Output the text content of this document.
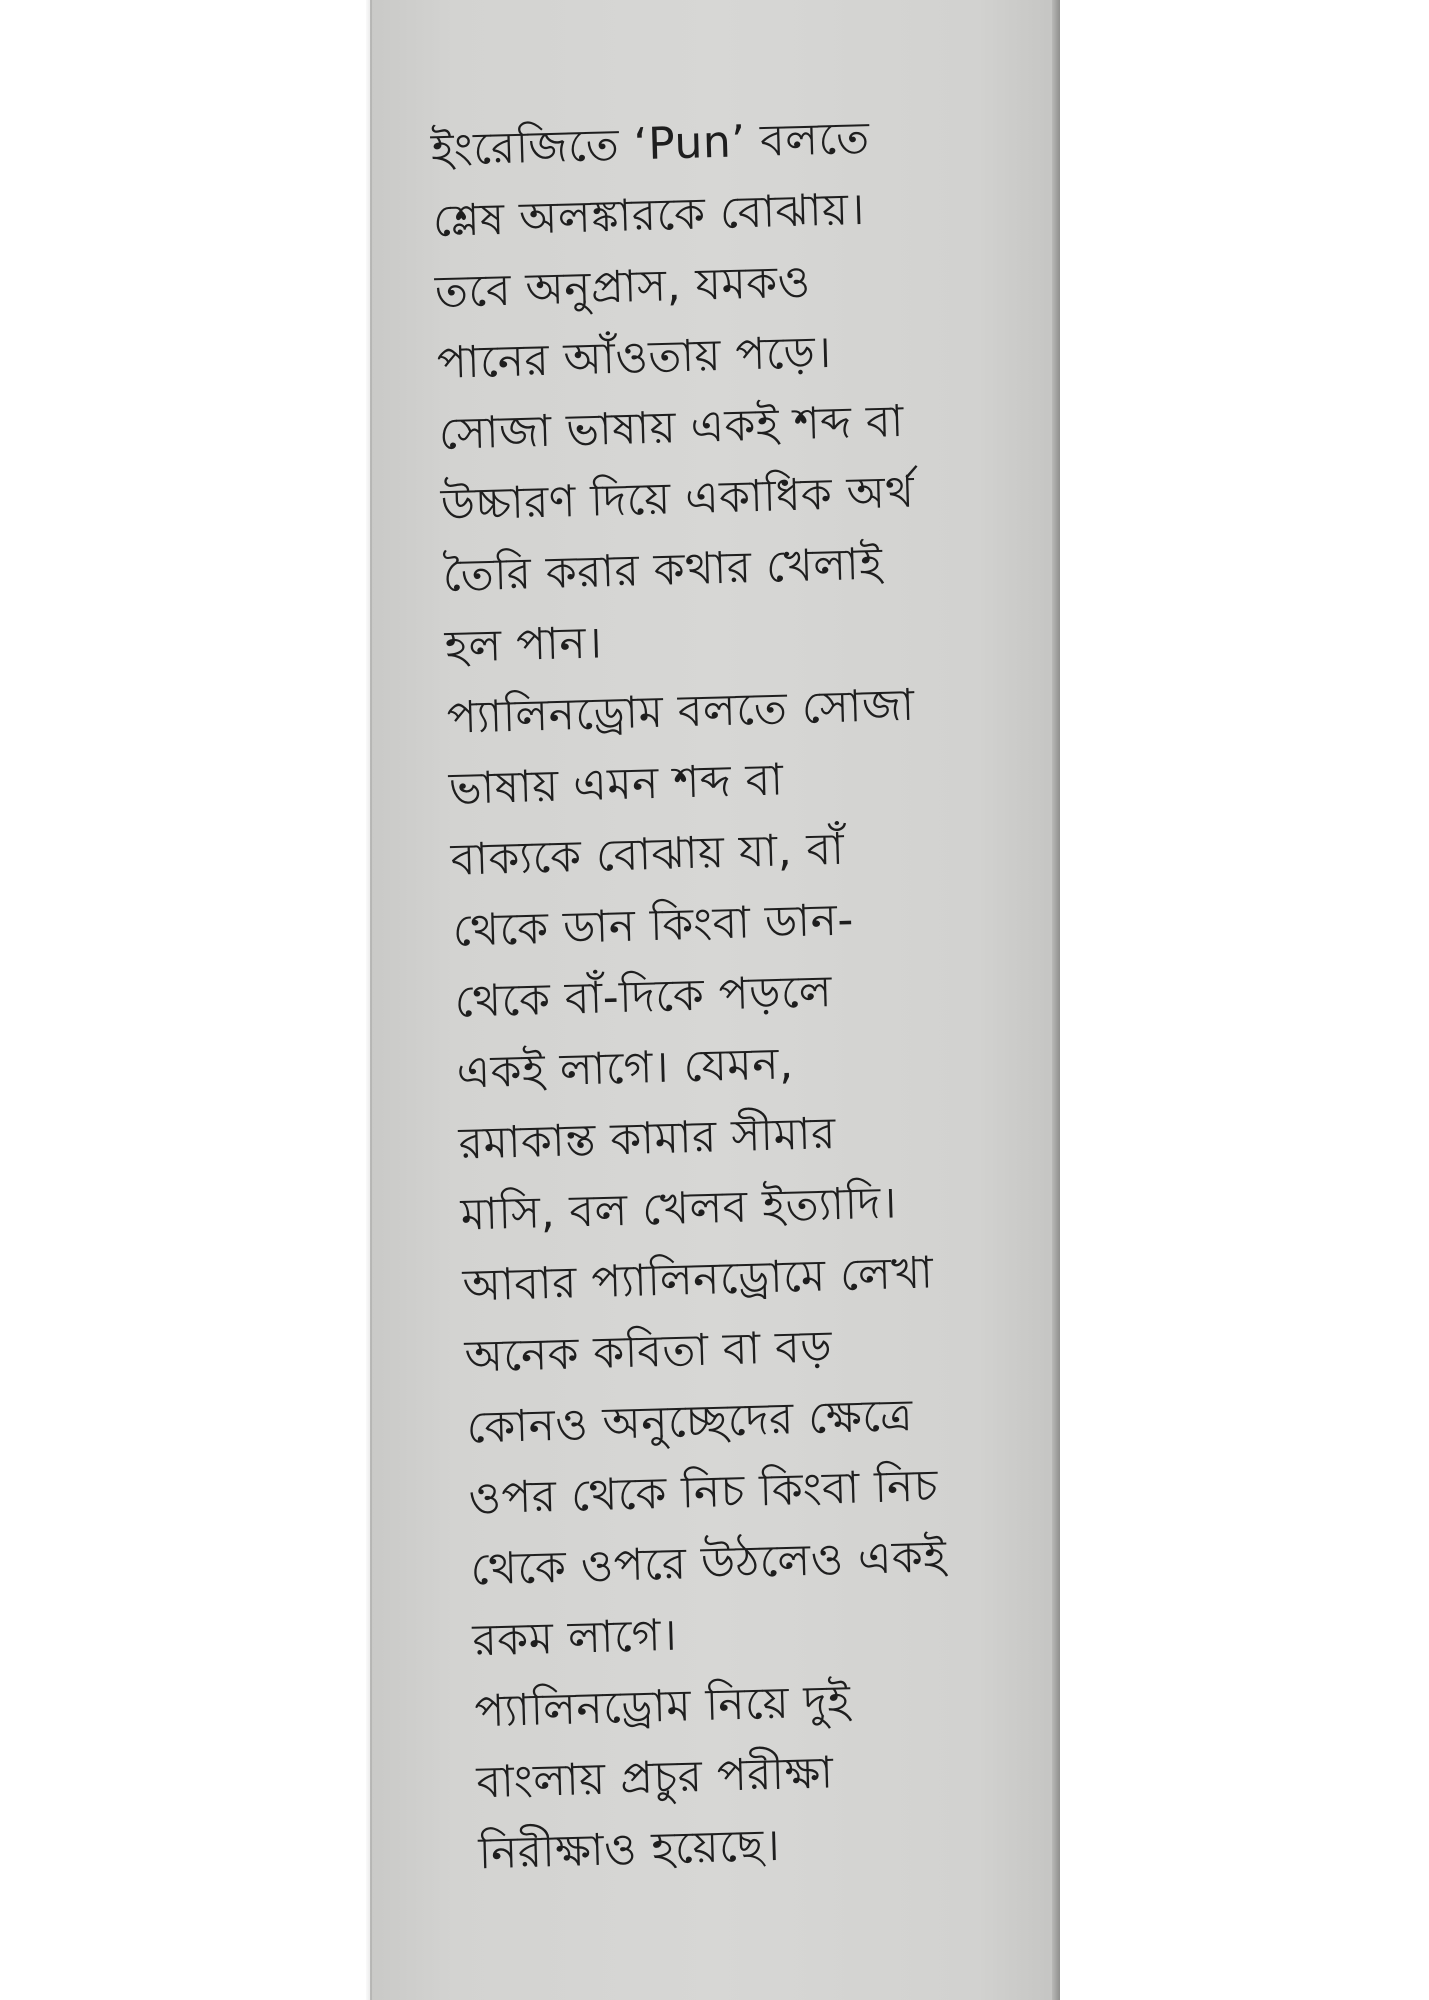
ইংরেজিতে ‘Pun’ বলতে
শ্লেষ অলঙ্কারকে বোঝায়।
তবে অনুপ্রাস, যমকও
পানের আঁওতায় পড়ে।
সোজা ভাষায় একই শব্দ বা
উচ্চারণ দিয়ে একাধিক অর্থ
তৈরি করার কথার খেলাই
হল পান।
প্যালিনড্রোম বলতে সোজা
ভাষায় এমন শব্দ বা
বাক্যকে বোঝায় যা, বাঁ
থেকে ডান কিংবা ডান-
থেকে বাঁ-দিকে পড়লে
একই লাগে। যেমন,
রমাকান্ত কামার সীমার
মাসি, বল খেলব ইত্যাদি।
আবার প্যালিনড্রোমে লেখা
অনেক কবিতা বা বড়
কোনও অনুচ্ছেদের ক্ষেত্রে
ওপর থেকে নিচ কিংবা নিচ
থেকে ওপরে উঠলেও একই
রকম লাগে।
প্যালিনড্রোম নিয়ে দুই
বাংলায় প্রচুর পরীক্ষা
নিরীক্ষাও হয়েছে।
